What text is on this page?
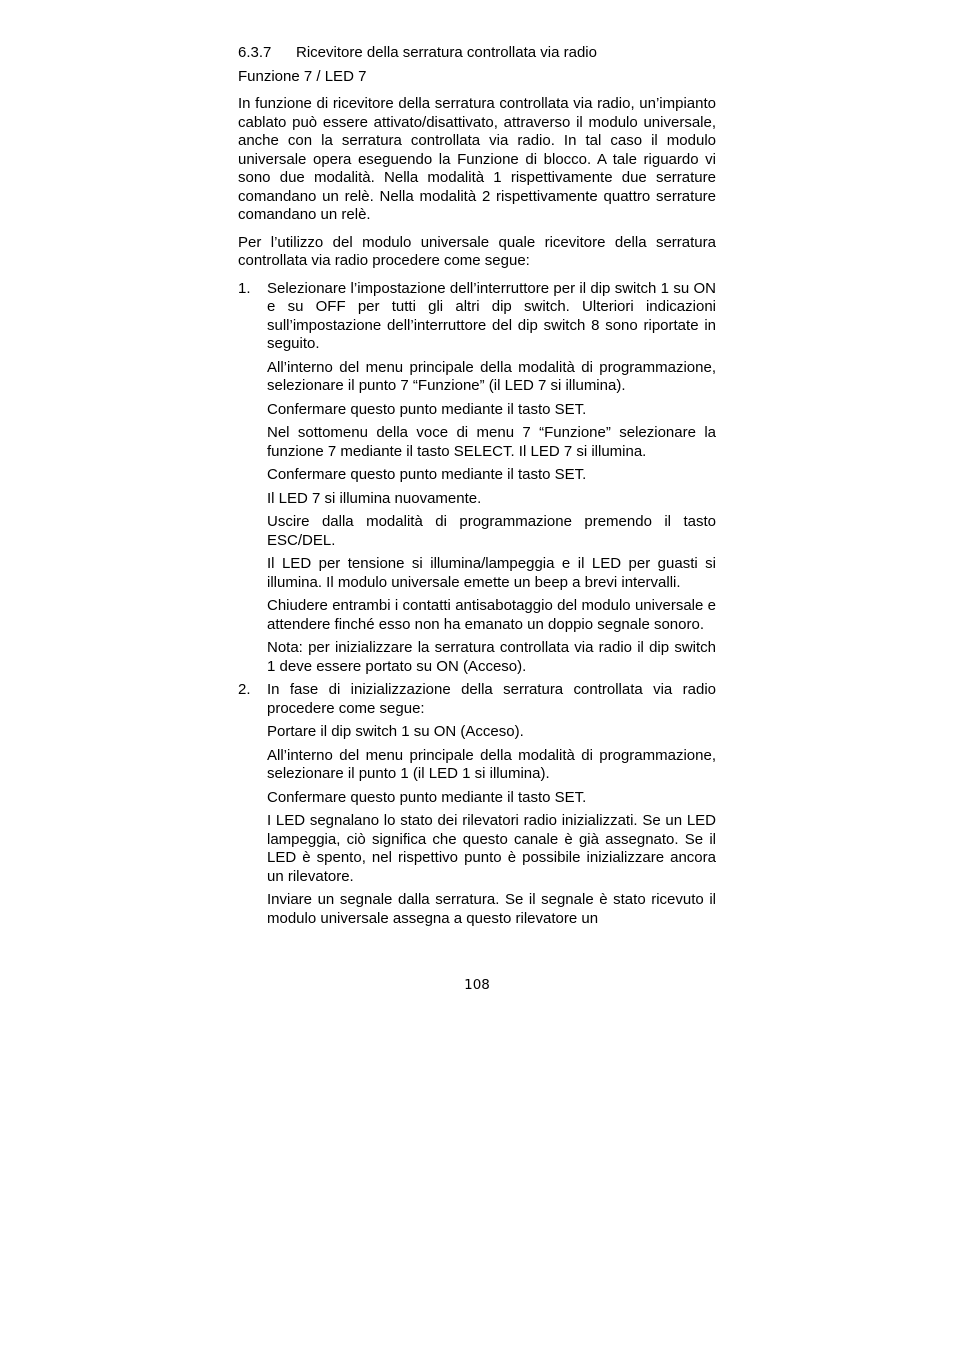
6.3.7	Ricevitore della serratura controllata via radio
Funzione 7 / LED 7

In funzione di ricevitore della serratura controllata via radio, un’impianto cablato può essere attivato/disattivato, attraverso il modulo universale, anche con la serratura controllata via radio. In tal caso il modulo universale opera eseguendo la Funzione di blocco. A tale riguardo vi sono due modalità. Nella modalità 1 rispettivamente due serrature comandano un relè. Nella modalità 2 rispettivamente quattro serrature comandano un relè.

Per l’utilizzo del modulo universale quale ricevitore della serratura controllata via radio procedere come segue:

1.	Selezionare l’impostazione dell’interruttore per il dip switch 1 su ON e su OFF per tutti gli altri dip switch. Ulteriori indicazioni sull’impostazione dell’interruttore del dip switch 8 sono riportate in seguito.

All’interno del menu principale della modalità di programmazione, selezionare il punto 7 “Funzione” (il LED 7 si illumina).

Confermare questo punto mediante il tasto SET.

Nel sottomenu della voce di menu 7 “Funzione” selezionare la funzione 7 mediante il tasto SELECT. Il LED 7 si illumina.

Confermare questo punto mediante il tasto SET.

Il LED 7 si illumina nuovamente.

Uscire dalla modalità di programmazione premendo il tasto ESC/DEL.

Il LED per tensione si illumina/lampeggia e il LED per guasti si illumina. Il modulo universale emette un beep a brevi intervalli.

Chiudere entrambi i contatti antisabotaggio del modulo universale e attendere finché esso non ha emanato un doppio segnale sonoro.

Nota: per inizializzare la serratura controllata via radio il dip switch 1 deve essere portato su ON (Acceso).

2.	In fase di inizializzazione della serratura controllata via radio procedere come segue:

Portare il dip switch 1 su ON (Acceso).

All’interno del menu principale della modalità di programmazione, selezionare il punto 1 (il LED 1 si illumina).

Confermare questo punto mediante il tasto SET.

I LED segnalano lo stato dei rilevatori radio inizializzati. Se un LED lampeggia, ciò significa che questo canale è già assegnato. Se il LED è spento, nel rispettivo punto è possibile inizializzare ancora un rilevatore.

Inviare un segnale dalla serratura. Se il segnale è stato ricevuto il modulo universale assegna a questo rilevatore un

108
